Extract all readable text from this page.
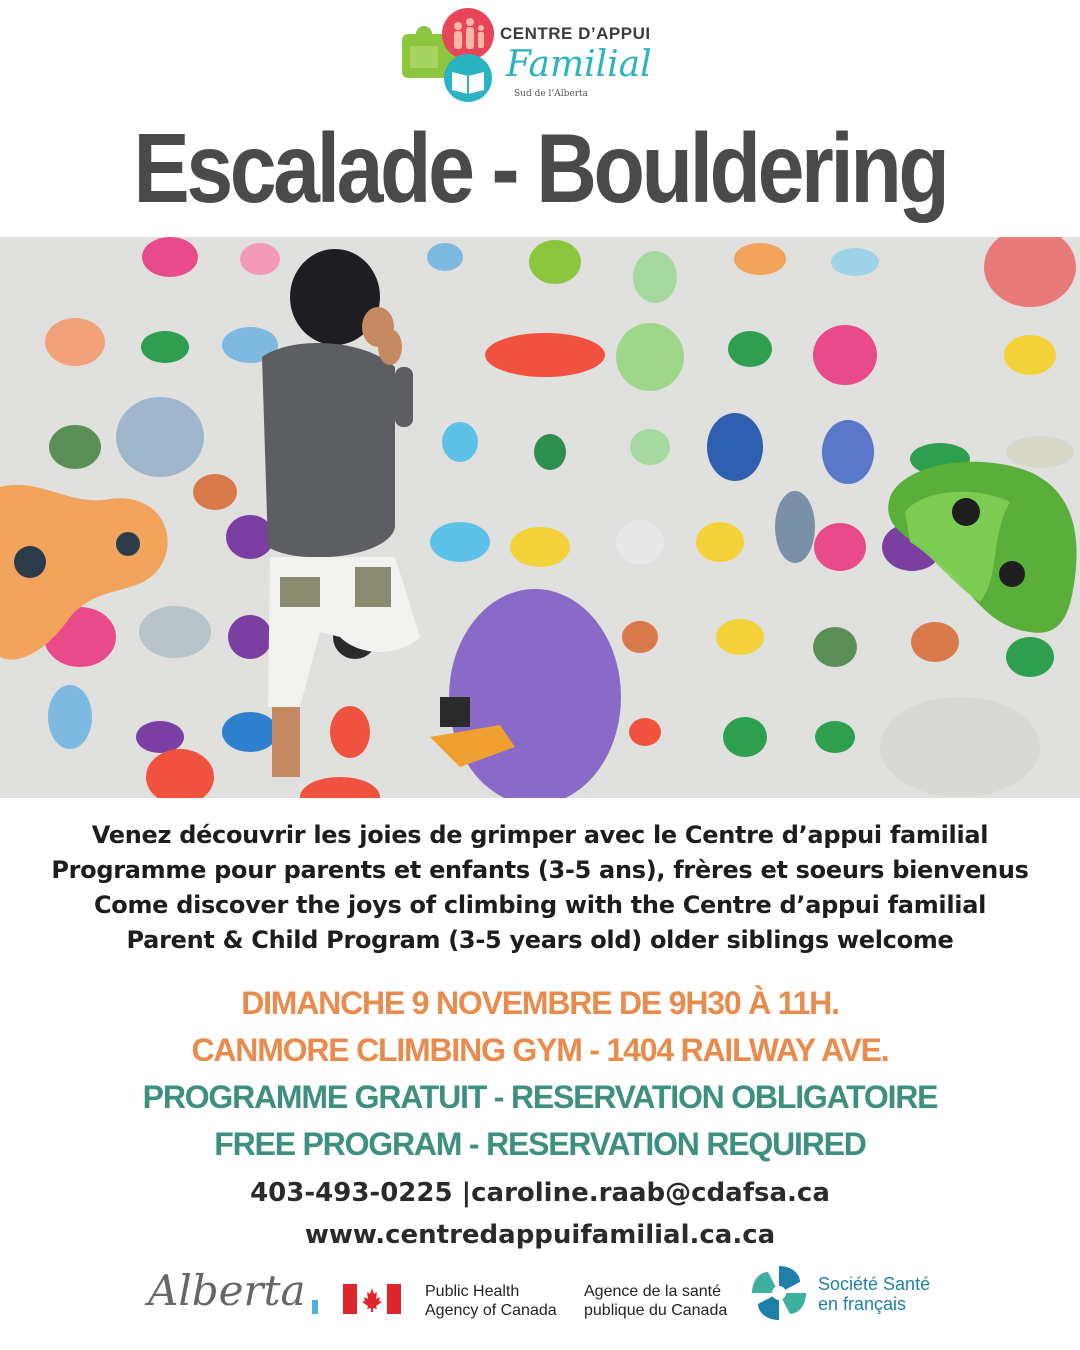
CENTRE D’APPUI
Familial
Sud de l’Alberta
Escalade - Bouldering
Venez découvrir les joies de grimper avec le Centre d’appui familial
Programme pour parents et enfants (3-5 ans), frères et soeurs bienvenus
Come discover the joys of climbing with the Centre d’appui familial
Parent & Child Program (3-5 years old) older siblings welcome
DIMANCHE 9 NOVEMBRE DE 9H30 À 11H.
CANMORE CLIMBING GYM - 1404 RAILWAY AVE.
PROGRAMME GRATUIT - RESERVATION OBLIGATOIRE
FREE PROGRAM - RESERVATION REQUIRED
403-493-0225 |caroline.raab@cdafsa.ca
www.centredappuifamilial.ca.ca
Alberta	Public Health
Agency of Canada
Agence de la santé
publique du Canada
Société Santé
en français
